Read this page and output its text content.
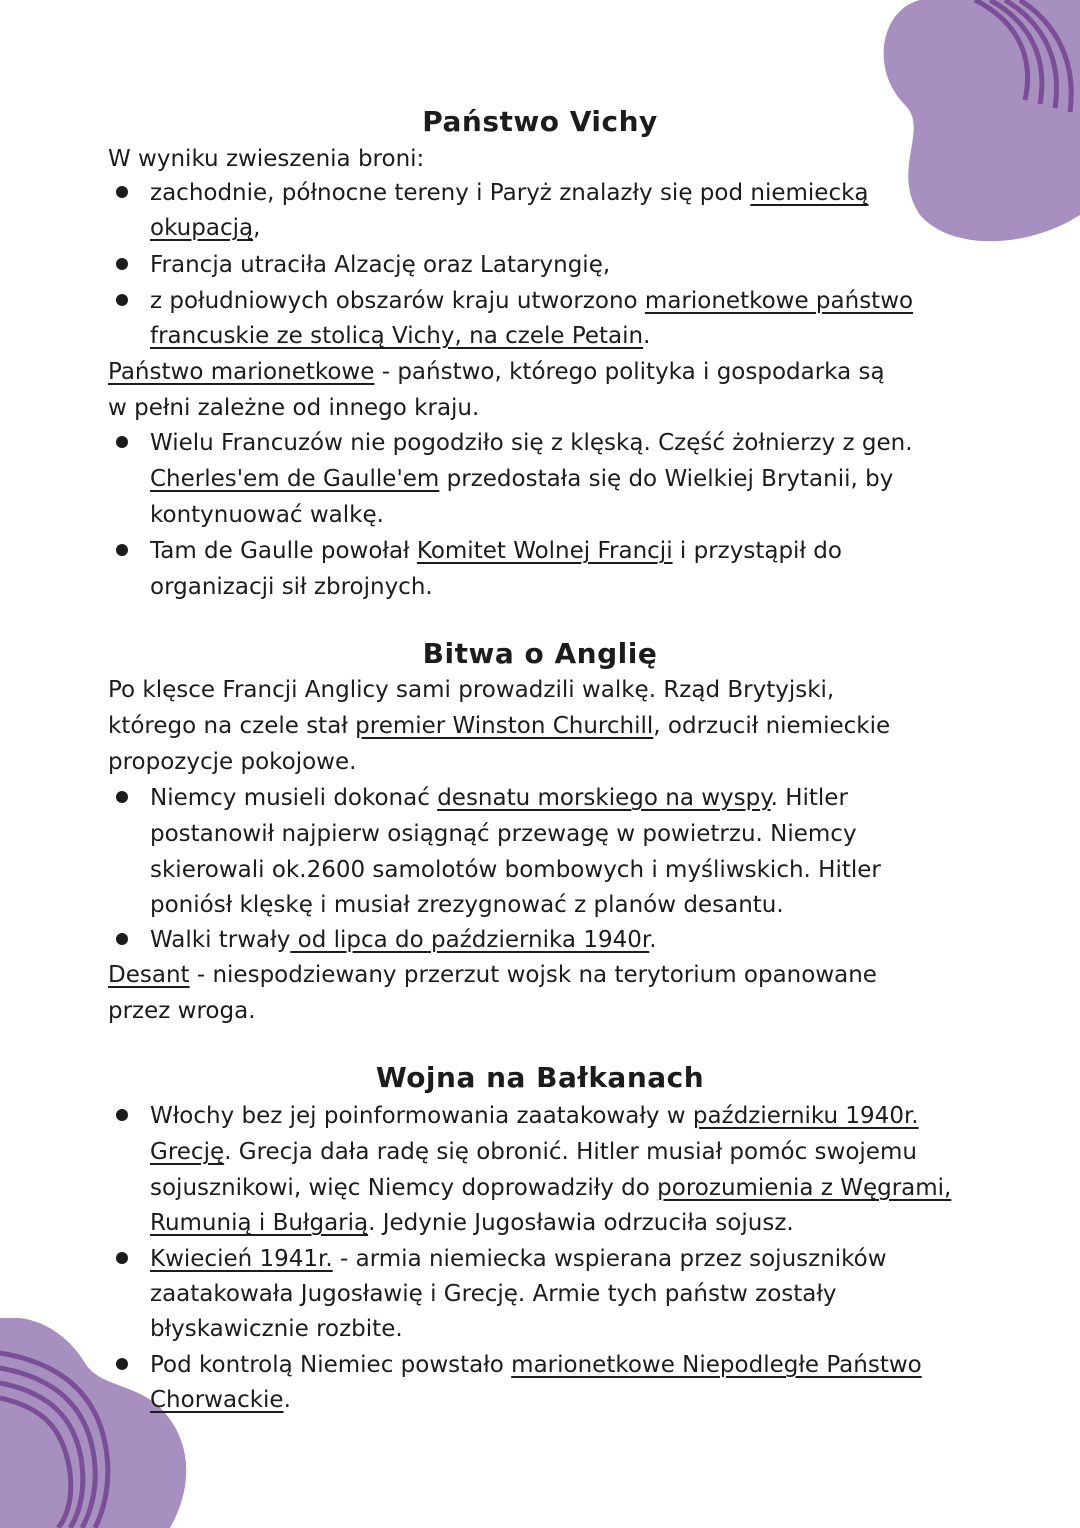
Państwo Vichy
W wyniku zwieszenia broni:
zachodnie, północne tereny i Paryż znalazły się pod niemiecką
okupacją,
Francja utraciła Alzację oraz Lataryngię,
z południowych obszarów kraju utworzono marionetkowe państwo
francuskie ze stolicą Vichy, na czele Petain.
Państwo marionetkowe - państwo, którego polityka i gospodarka są
w pełni zależne od innego kraju.
Wielu Francuzów nie pogodziło się z klęską. Część żołnierzy z gen.
Cherles'em de Gaulle'em przedostała się do Wielkiej Brytanii, by
kontynuować walkę.
Tam de Gaulle powołał Komitet Wolnej Francji i przystąpił do
organizacji sił zbrojnych.
Bitwa o Anglię
Po klęsce Francji Anglicy sami prowadzili walkę. Rząd Brytyjski,
którego na czele stał premier Winston Churchill, odrzucił niemieckie
propozycje pokojowe.
Niemcy musieli dokonać desnatu morskiego na wyspy. Hitler
postanowił najpierw osiągnąć przewagę w powietrzu. Niemcy
skierowali ok.2600 samolotów bombowych i myśliwskich. Hitler
poniósł klęskę i musiał zrezygnować z planów desantu.
Walki trwały od lipca do października 1940r.
Desant - niespodziewany przerzut wojsk na terytorium opanowane
przez wroga.
Wojna na Bałkanach
Włochy bez jej poinformowania zaatakowały w październiku 1940r.
Grecję. Grecja dała radę się obronić. Hitler musiał pomóc swojemu
sojusznikowi, więc Niemcy doprowadziły do porozumienia z Węgrami,
Rumunią i Bułgarią. Jedynie Jugosławia odrzuciła sojusz.
Kwiecień 1941r. - armia niemiecka wspierana przez sojuszników
zaatakowała Jugosławię i Grecję. Armie tych państw zostały
błyskawicznie rozbite.
Pod kontrolą Niemiec powstało marionetkowe Niepodległe Państwo
Chorwackie.
